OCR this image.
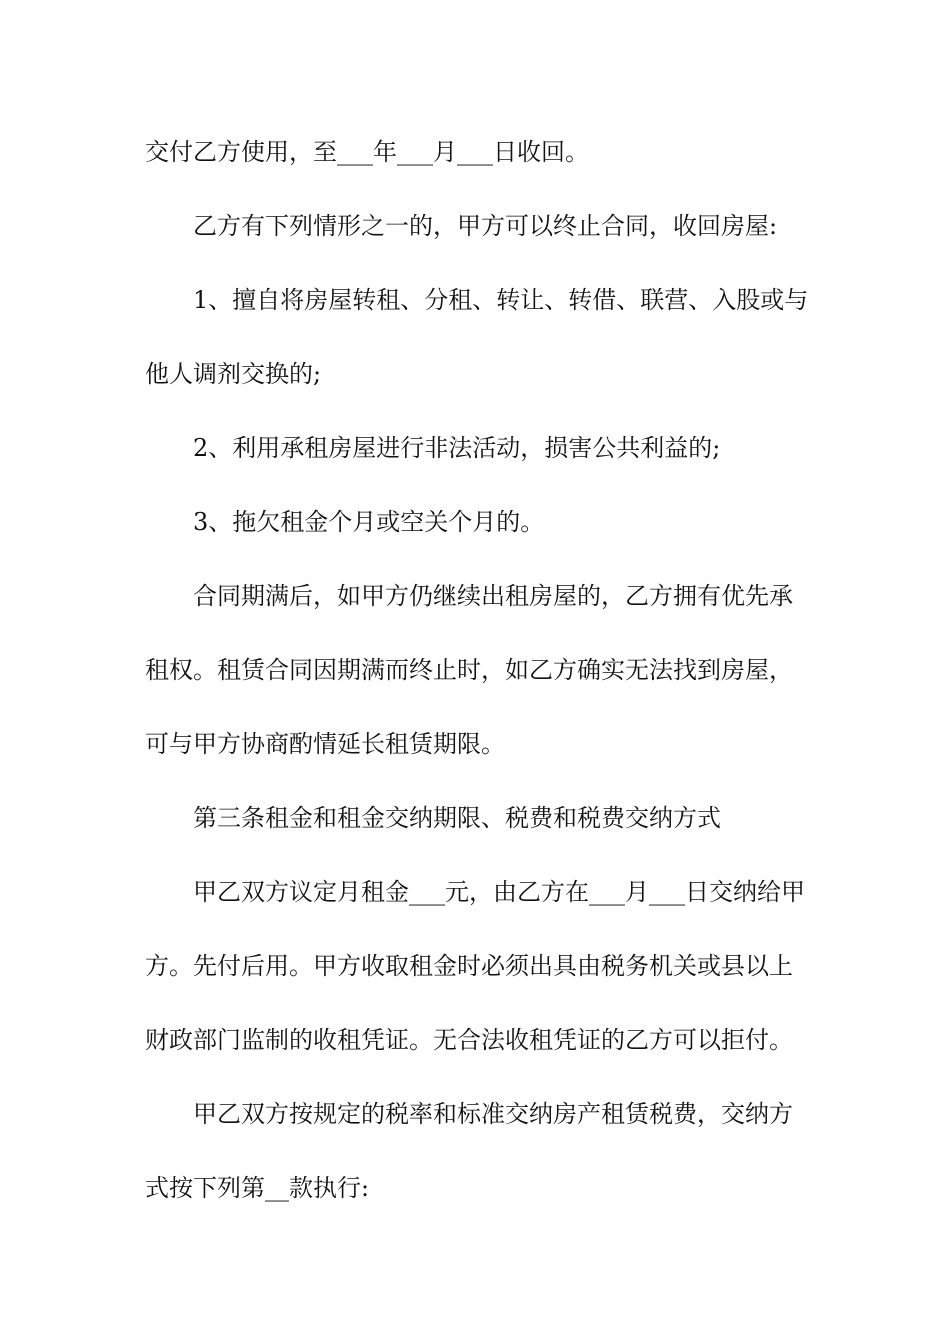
交付乙方使用，至___年___月___日收回。

乙方有下列情形之一的，甲方可以终止合同，收回房屋:

1、擅自将房屋转租、分租、转让、转借、联营、入股或与

他人调剂交换的;

2、利用承租房屋进行非法活动，损害公共利益的;

3、拖欠租金个月或空关个月的。

合同期满后，如甲方仍继续出租房屋的，乙方拥有优先承

租权。租赁合同因期满而终止时，如乙方确实无法找到房屋，

可与甲方协商酌情延长租赁期限。

第三条租金和租金交纳期限、税费和税费交纳方式

甲乙双方议定月租金___元，由乙方在___月___日交纳给甲

方。先付后用。甲方收取租金时必须出具由税务机关或县以上

财政部门监制的收租凭证。无合法收租凭证的乙方可以拒付。

甲乙双方按规定的税率和标准交纳房产租赁税费，交纳方

式按下列第__款执行:
